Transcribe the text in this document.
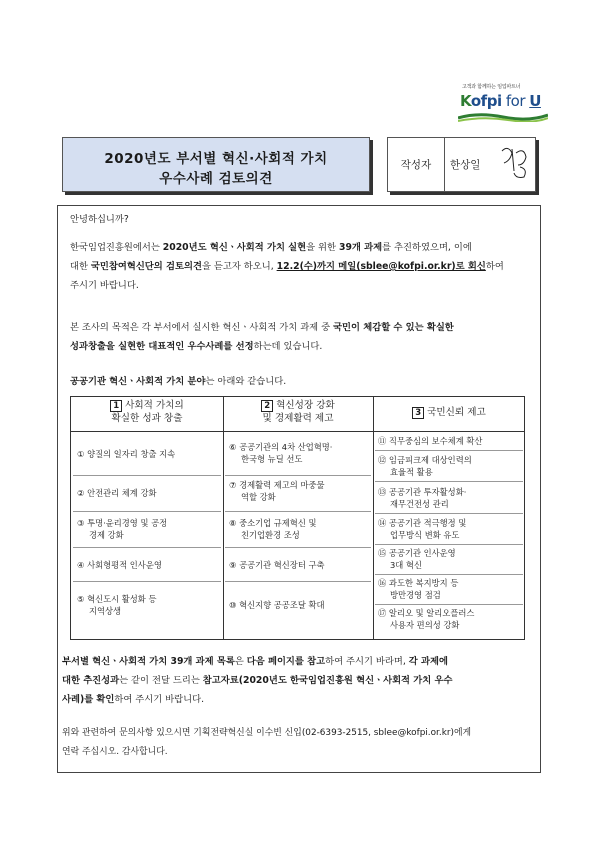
고객과 함께하는 임업파트너
Kofpi for U
2020년도 부서별 혁신·사회적 가치
우수사례 검토의견
작성자	한상일
안녕하십니까?
한국임업진흥원에서는 2020년도 혁신ㆍ사회적 가치 실현을 위한 39개 과제를 추진하였으며, 이에
대한 국민참여혁신단의 검토의견을 듣고자 하오니, 12.2(수)까지 메일(sblee@kofpi.or.kr)로 회신하여
주시기 바랍니다.
본 조사의 목적은 각 부서에서 실시한 혁신ㆍ사회적 가치 과제 중 국민이 체감할 수 있는 확실한
성과창출을 실현한 대표적인 우수사례를 선정하는데 있습니다.
공공기관 혁신ㆍ사회적 가치 분야는 아래와 같습니다.
1 사회적 가치의
확실한 성과 창출
2 혁신성장 강화
및 경제활력 제고	3 국민신뢰 제고
① 양질의 일자리 창출 지속
② 안전관리 체계 강화
③ 투명·윤리경영 및 공정
경제 강화
④ 사회형평적 인사운영
⑤ 혁신도시 활성화 등
지역상생
⑥ 공공기관의 4차 산업혁명·
한국형 뉴딜 선도
⑦ 경제활력 제고의 마중물
역할 강화
⑧ 중소기업 규제혁신 및
친기업환경 조성
⑨ 공공기관 혁신장터 구축
⑩ 혁신지향 공공조달 확대
⑪ 직무중심의 보수체계 확산
⑫ 임금피크제 대상인력의
효율적 활용
⑬ 공공기관 투자활성화·
재무건전성 관리
⑭ 공공기관 적극행정 및
업무방식 변화 유도
⑮ 공공기관 인사운영
3대 혁신
⑯ 과도한 복지방지 등
방만경영 점검
⑰ 알리오 및 알리오플러스
사용자 편의성 강화
부서별 혁신ㆍ사회적 가치 39개 과제 목록은 다음 페이지를 참고하여 주시기 바라며, 각 과제에
대한 추진성과는 같이 전달 드리는 참고자료(2020년도 한국임업진흥원 혁신ㆍ사회적 가치 우수
사례)를 확인하여 주시기 바랍니다.
위와 관련하여 문의사항 있으시면 기획전략혁신실 이수빈 신입(02-6393-2515, sblee@kofpi.or.kr)에게
연락 주십시오. 감사합니다.
